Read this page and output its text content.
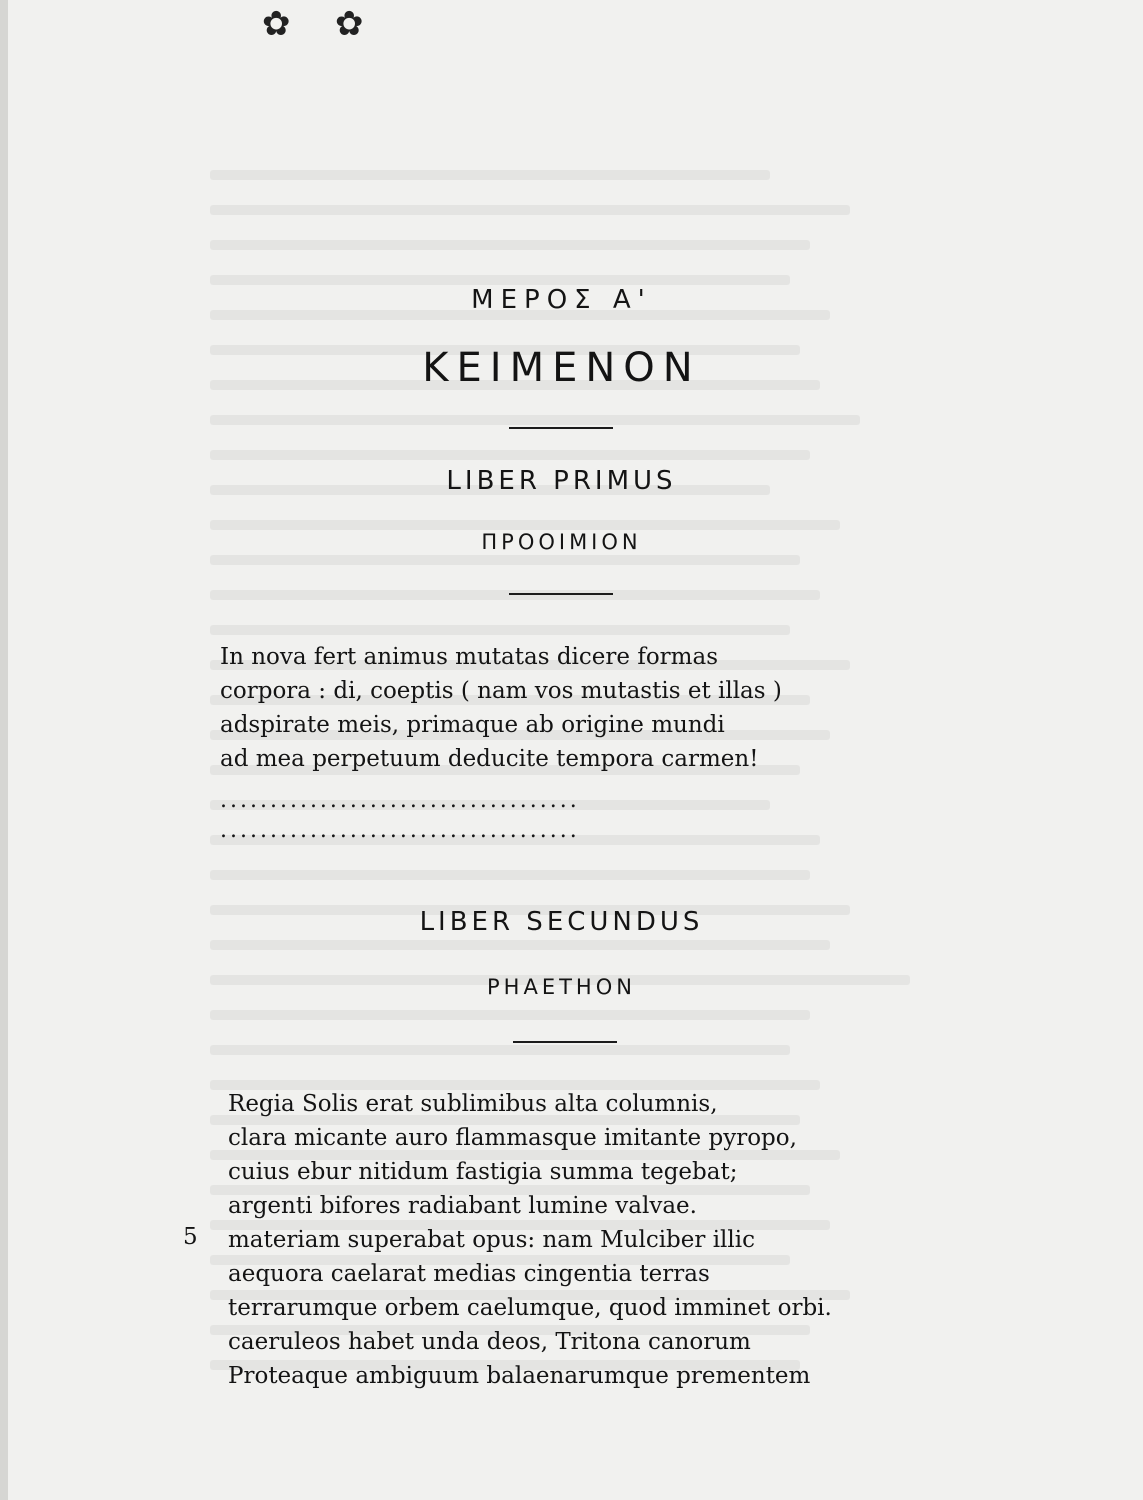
✿ ✿
ΜΕΡΟΣ Α'
ΚΕΙΜΕΝΟΝ
LIBER PRIMUS
ΠΡΟΟΙΜΙΟΝ
In nova fert animus mutatas dicere formas
corpora : di, coeptis ( nam vos mutastis et illas )
adspirate meis, primaque ab origine mundi
ad mea perpetuum deducite tempora carmen!
....................................
....................................
LIBER SECUNDUS
ΡΗΑΕΤΗΟΝ
5
Regia Solis erat sublimibus alta columnis,
clara micante auro flammasque imitante pyropo,
cuius ebur nitidum fastigia summa tegebat;
argenti bifores radiabant lumine valvae.
materiam superabat opus: nam Mulciber illic
aequora caelarat medias cingentia terras
terrarumque orbem caelumque, quod imminet orbi.
caeruleos habet unda deos, Tritona canorum
Proteaque ambiguum balaenarumque prementem
